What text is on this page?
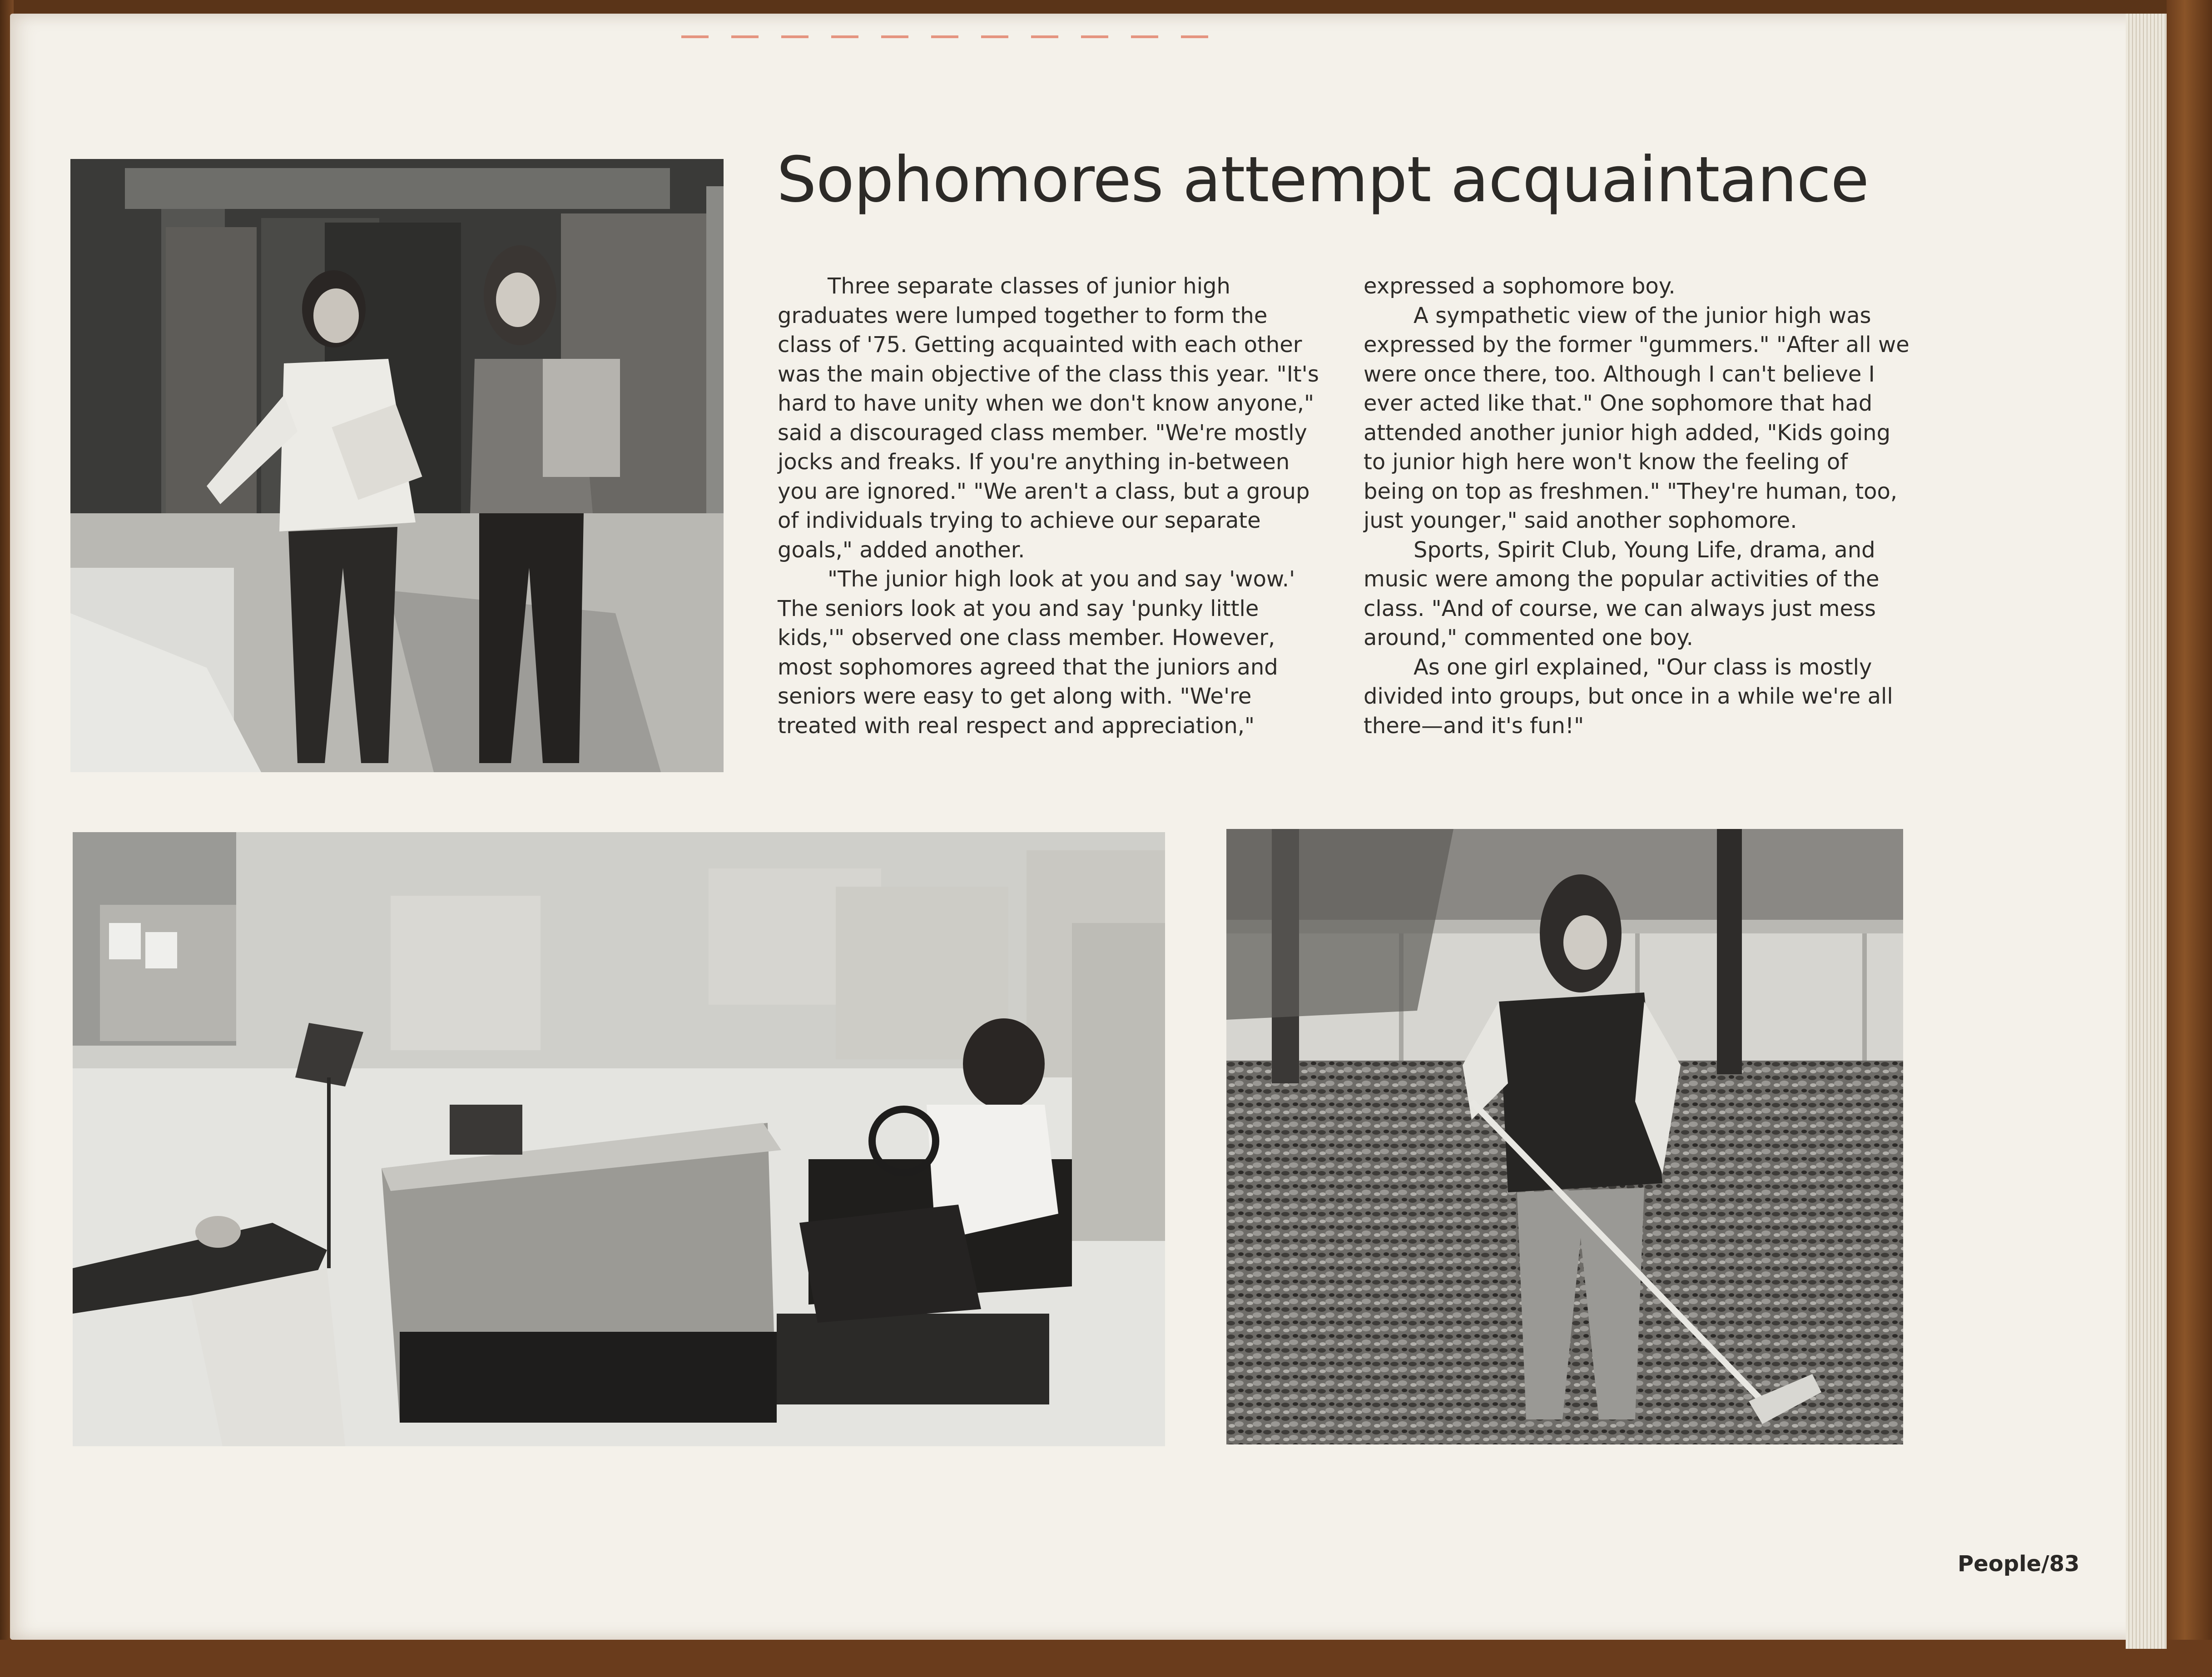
Sophomores attempt acquaintance

Three separate classes of junior high graduates were lumped together to form the class of '75. Getting acquainted with each other was the main objective of the class this year. "It's hard to have unity when we don't know anyone," said a discouraged class member. "We're mostly jocks and freaks. If you're anything in-between you are ignored." "We aren't a class, but a group of individuals trying to achieve our separate goals," added another.

"The junior high look at you and say 'wow.' The seniors look at you and say 'punky little kids,'" observed one class member. However, most sophomores agreed that the juniors and seniors were easy to get along with. "We're treated with real respect and appreciation,"

expressed a sophomore boy.

A sympathetic view of the junior high was expressed by the former "gummers." "After all we were once there, too. Although I can't believe I ever acted like that." One sophomore that had attended another junior high added, "Kids going to junior high here won't know the feeling of being on top as freshmen." "They're human, too, just younger," said another sophomore.

Sports, Spirit Club, Young Life, drama, and music were among the popular activities of the class. "And of course, we can always just mess around," commented one boy.

As one girl explained, "Our class is mostly divided into groups, but once in a while we're all there—and it's fun!"

People/83
